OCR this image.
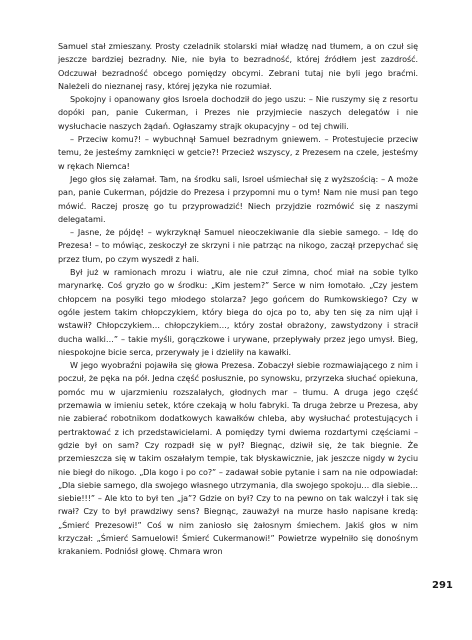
Samuel stał zmieszany. Prosty czeladnik stolarski miał władzę nad tłumem, a on czuł się jeszcze bardziej bezradny. Nie, nie była to bezradność, której źródłem jest zazdrość. Odczuwał bezradność obcego pomiędzy obcymi. Zebrani tutaj nie byli jego braćmi. Należeli do nieznanej rasy, której języka nie rozumiał.

Spokojny i opanowany głos Isroela dochodził do jego uszu: – Nie ruszymy się z resortu dopóki pan, panie Cukerman, i Prezes nie przyjmiecie naszych delegatów i nie wysłuchacie naszych żądań. Ogłaszamy strajk okupacyjny – od tej chwili.

– Przeciw komu?! – wybuchnął Samuel bezradnym gniewem. – Protestujecie przeciw temu, że jesteśmy zamknięci w getcie?! Przecież wszyscy, z Prezesem na czele, jesteśmy w rękach Niemca!

Jego głos się załamał. Tam, na środku sali, Isroel uśmiechał się z wyższością: – A może pan, panie Cukerman, pójdzie do Prezesa i przypomni mu o tym! Nam nie musi pan tego mówić. Raczej proszę go tu przyprowadzić! Niech przyjdzie rozmówić się z naszymi delegatami.

– Jasne, że pójdę! – wykrzyknął Samuel nieoczekiwanie dla siebie samego. – Idę do Prezesa! – to mówiąc, zeskoczył ze skrzyni i nie patrząc na nikogo, zaczął przepychać się przez tłum, po czym wyszedł z hali.

Był już w ramionach mrozu i wiatru, ale nie czuł zimna, choć miał na sobie tylko marynarkę. Coś gryzło go w środku: „Kim jestem?” Serce w nim łomotało. „Czy jestem chłopcem na posyłki tego młodego stolarza? Jego gońcem do Rumkowskiego? Czy w ogóle jestem takim chłopczykiem, który biega do ojca po to, aby ten się za nim ujął i wstawił? Chłopczykiem… chłopczykiem…, który został obrażony, zawstydzony i stracił ducha walki…” – takie myśli, gorączkowe i urywane, przepływały przez jego umysł. Bieg, niespokojne bicie serca, przerywały je i dzieliły na kawałki.

W jego wyobraźni pojawiła się głowa Prezesa. Zobaczył siebie rozmawiającego z nim i poczuł, że pęka na pół. Jedna część posłusznie, po synowsku, przyrzeka słuchać opiekuna, pomóc mu w ujarzmieniu rozszalałych, głodnych mar – tłumu. A druga jego część przemawia w imieniu setek, które czekają w holu fabryki. Ta druga żebrze u Prezesa, aby nie zabierać robotnikom dodatkowych kawałków chleba, aby wysłuchać protestujących i pertraktować z ich przedstawicielami. A pomiędzy tymi dwiema rozdartymi częściami – gdzie był on sam? Czy rozpadł się w pył? Biegnąc, dziwił się, że tak biegnie. Że przemieszcza się w takim oszałałym tempie, tak błyskawicznie, jak jeszcze nigdy w życiu nie biegł do nikogo. „Dla kogo i po co?” – zadawał sobie pytanie i sam na nie odpowiadał: „Dla siebie samego, dla swojego własnego utrzymania, dla swojego spokoju… dla siebie… siebie!!!” – Ale kto to był ten „ja”? Gdzie on był? Czy to na pewno on tak walczył i tak się rwał? Czy to był prawdziwy sens? Biegnąc, zauważył na murze hasło napisane kredą: „Śmierć Prezesowi!” Coś w nim zaniosło się żałosnym śmiechem. Jakiś głos w nim krzyczał: „Śmierć Samuelowi! Śmierć Cukermanowi!” Powietrze wypełniło się donośnym krakaniem. Podniósł głowę. Chmara wron

291
